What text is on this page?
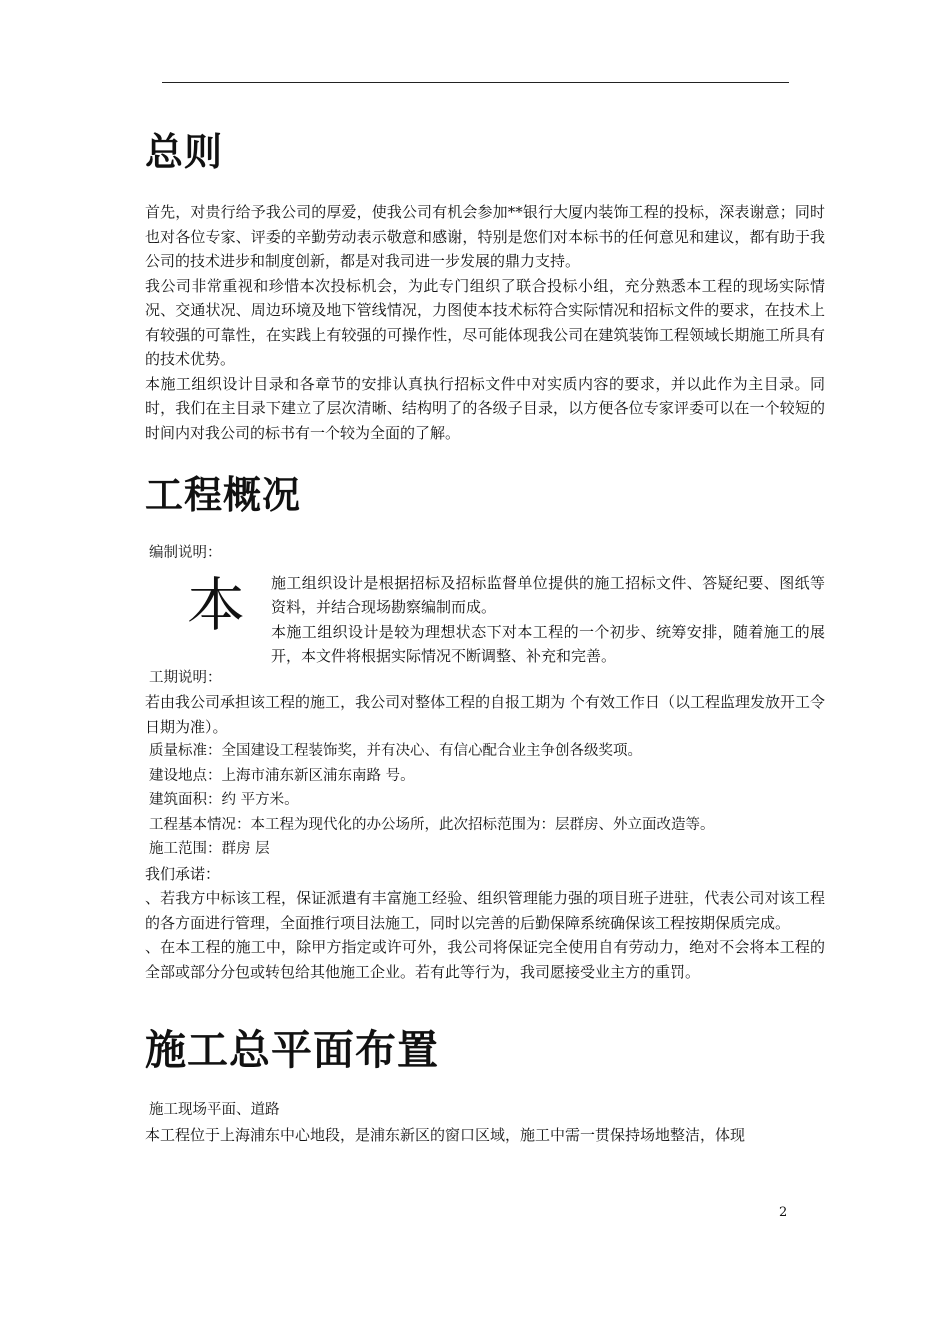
总则

首先，对贵行给予我公司的厚爱，使我公司有机会参加**银行大厦内装饰工程的投标，深表谢意；同时也对各位专家、评委的辛勤劳动表示敬意和感谢，特别是您们对本标书的任何意见和建议，都有助于我公司的技术进步和制度创新，都是对我司进一步发展的鼎力支持。

我公司非常重视和珍惜本次投标机会，为此专门组织了联合投标小组，充分熟悉本工程的现场实际情况、交通状况、周边环境及地下管线情况，力图使本技术标符合实际情况和招标文件的要求，在技术上有较强的可靠性，在实践上有较强的可操作性，尽可能体现我公司在建筑装饰工程领域长期施工所具有的技术优势。

本施工组织设计目录和各章节的安排认真执行招标文件中对实质内容的要求，并以此作为主目录。同时，我们在主目录下建立了层次清晰、结构明了的各级子目录，以方便各位专家评委可以在一个较短的时间内对我公司的标书有一个较为全面的了解。

工程概况

编制说明：

本 施工组织设计是根据招标及招标监督单位提供的施工招标文件、答疑纪要、图纸等资料，并结合现场勘察编制而成。

本施工组织设计是较为理想状态下对本工程的一个初步、统筹安排，随着施工的展开，本文件将根据实际情况不断调整、补充和完善。

工期说明：

若由我公司承担该工程的施工，我公司对整体工程的自报工期为 个有效工作日（以工程监理发放开工令日期为准）。

质量标准：全国建设工程装饰奖，并有决心、有信心配合业主争创各级奖项。

建设地点：上海市浦东新区浦东南路 号。

建筑面积：约 平方米。

工程基本情况：本工程为现代化的办公场所，此次招标范围为：层群房、外立面改造等。

施工范围：群房 层

我们承诺：

、若我方中标该工程，保证派遣有丰富施工经验、组织管理能力强的项目班子进驻，代表公司对该工程的各方面进行管理，全面推行项目法施工，同时以完善的后勤保障系统确保该工程按期保质完成。

、在本工程的施工中，除甲方指定或许可外，我公司将保证完全使用自有劳动力，绝对不会将本工程的全部或部分分包或转包给其他施工企业。若有此等行为，我司愿接受业主方的重罚。

施工总平面布置

施工现场平面、道路

本工程位于上海浦东中心地段，是浦东新区的窗口区域，施工中需一贯保持场地整洁，体现

2
